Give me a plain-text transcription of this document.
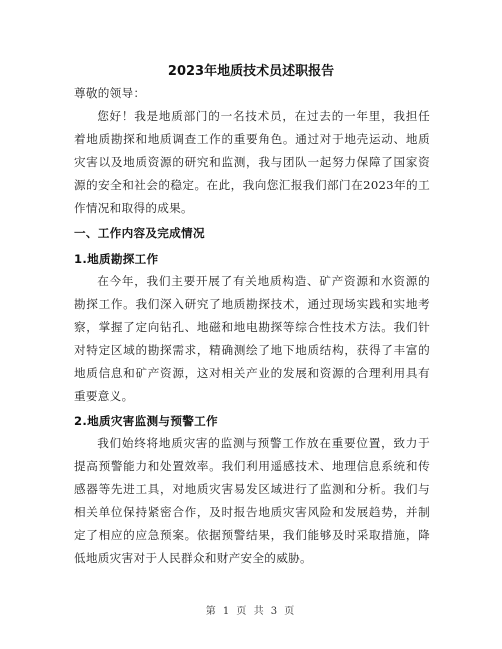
2023年地质技术员述职报告

尊敬的领导：

您好！我是地质部门的一名技术员，在过去的一年里，我担任着地质勘探和地质调查工作的重要角色。通过对于地壳运动、地质灾害以及地质资源的研究和监测，我与团队一起努力保障了国家资源的安全和社会的稳定。在此，我向您汇报我们部门在2023年的工作情况和取得的成果。

一、工作内容及完成情况

1.地质勘探工作

在今年，我们主要开展了有关地质构造、矿产资源和水资源的勘探工作。我们深入研究了地质勘探技术，通过现场实践和实地考察，掌握了定向钻孔、地磁和地电勘探等综合性技术方法。我们针对特定区域的勘探需求，精确测绘了地下地质结构，获得了丰富的地质信息和矿产资源，这对相关产业的发展和资源的合理利用具有重要意义。

2.地质灾害监测与预警工作

我们始终将地质灾害的监测与预警工作放在重要位置，致力于提高预警能力和处置效率。我们利用遥感技术、地理信息系统和传感器等先进工具，对地质灾害易发区域进行了监测和分析。我们与相关单位保持紧密合作，及时报告地质灾害风险和发展趋势，并制定了相应的应急预案。依据预警结果，我们能够及时采取措施，降低地质灾害对于人民群众和财产安全的威胁。

第 1 页 共 3 页
